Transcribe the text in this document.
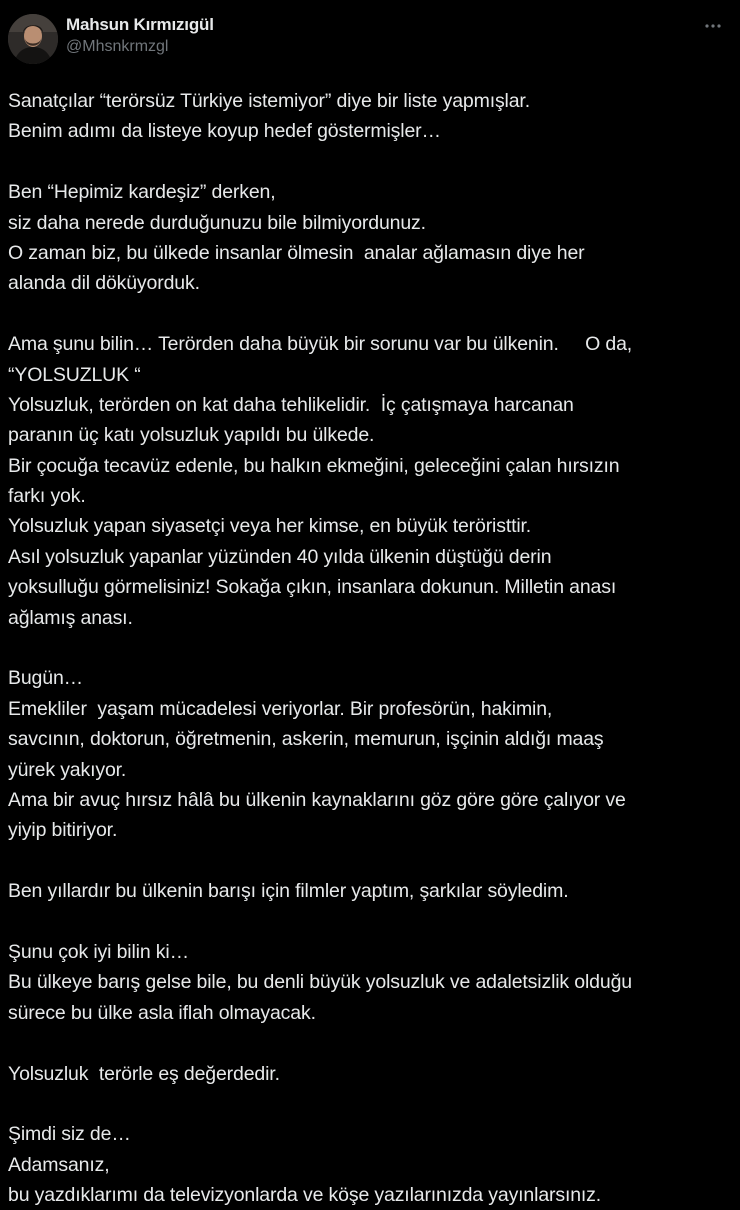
Mahsun Kırmızıgül
@Mhsnkrmzgl
Sanatçılar “terörsüz Türkiye istemiyor” diye bir liste yapmışlar.
Benim adımı da listeye koyup hedef göstermişler…
Ben “Hepimiz kardeşiz” derken,
siz daha nerede durduğunuzu bile bilmiyordunuz.
O zaman biz, bu ülkede insanlar ölmesin  analar ağlamasın diye her
alanda dil döküyorduk.
Ama şunu bilin… Terörden daha büyük bir sorunu var bu ülkenin.     O da,
“YOLSUZLUK “
Yolsuzluk, terörden on kat daha tehlikelidir.  İç çatışmaya harcanan
paranın üç katı yolsuzluk yapıldı bu ülkede.
Bir çocuğa tecavüz edenle, bu halkın ekmeğini, geleceğini çalan hırsızın
farkı yok.
Yolsuzluk yapan siyasetçi veya her kimse, en büyük teröristtir.
Asıl yolsuzluk yapanlar yüzünden 40 yılda ülkenin düştüğü derin
yoksulluğu görmelisiniz! Sokağa çıkın, insanlara dokunun. Milletin anası
ağlamış anası.
Bugün…
Emekliler  yaşam mücadelesi veriyorlar. Bir profesörün, hakimin,
savcının, doktorun, öğretmenin, askerin, memurun, işçinin aldığı maaş
yürek yakıyor.
Ama bir avuç hırsız hâlâ bu ülkenin kaynaklarını göz göre göre çalıyor ve
yiyip bitiriyor.
Ben yıllardır bu ülkenin barışı için filmler yaptım, şarkılar söyledim.
Şunu çok iyi bilin ki…
Bu ülkeye barış gelse bile, bu denli büyük yolsuzluk ve adaletsizlik olduğu
sürece bu ülke asla iflah olmayacak.
Yolsuzluk  terörle eş değerdedir.
Şimdi siz de…
Adamsanız,
bu yazdıklarımı da televizyonlarda ve köşe yazılarınızda yayınlarsınız.
